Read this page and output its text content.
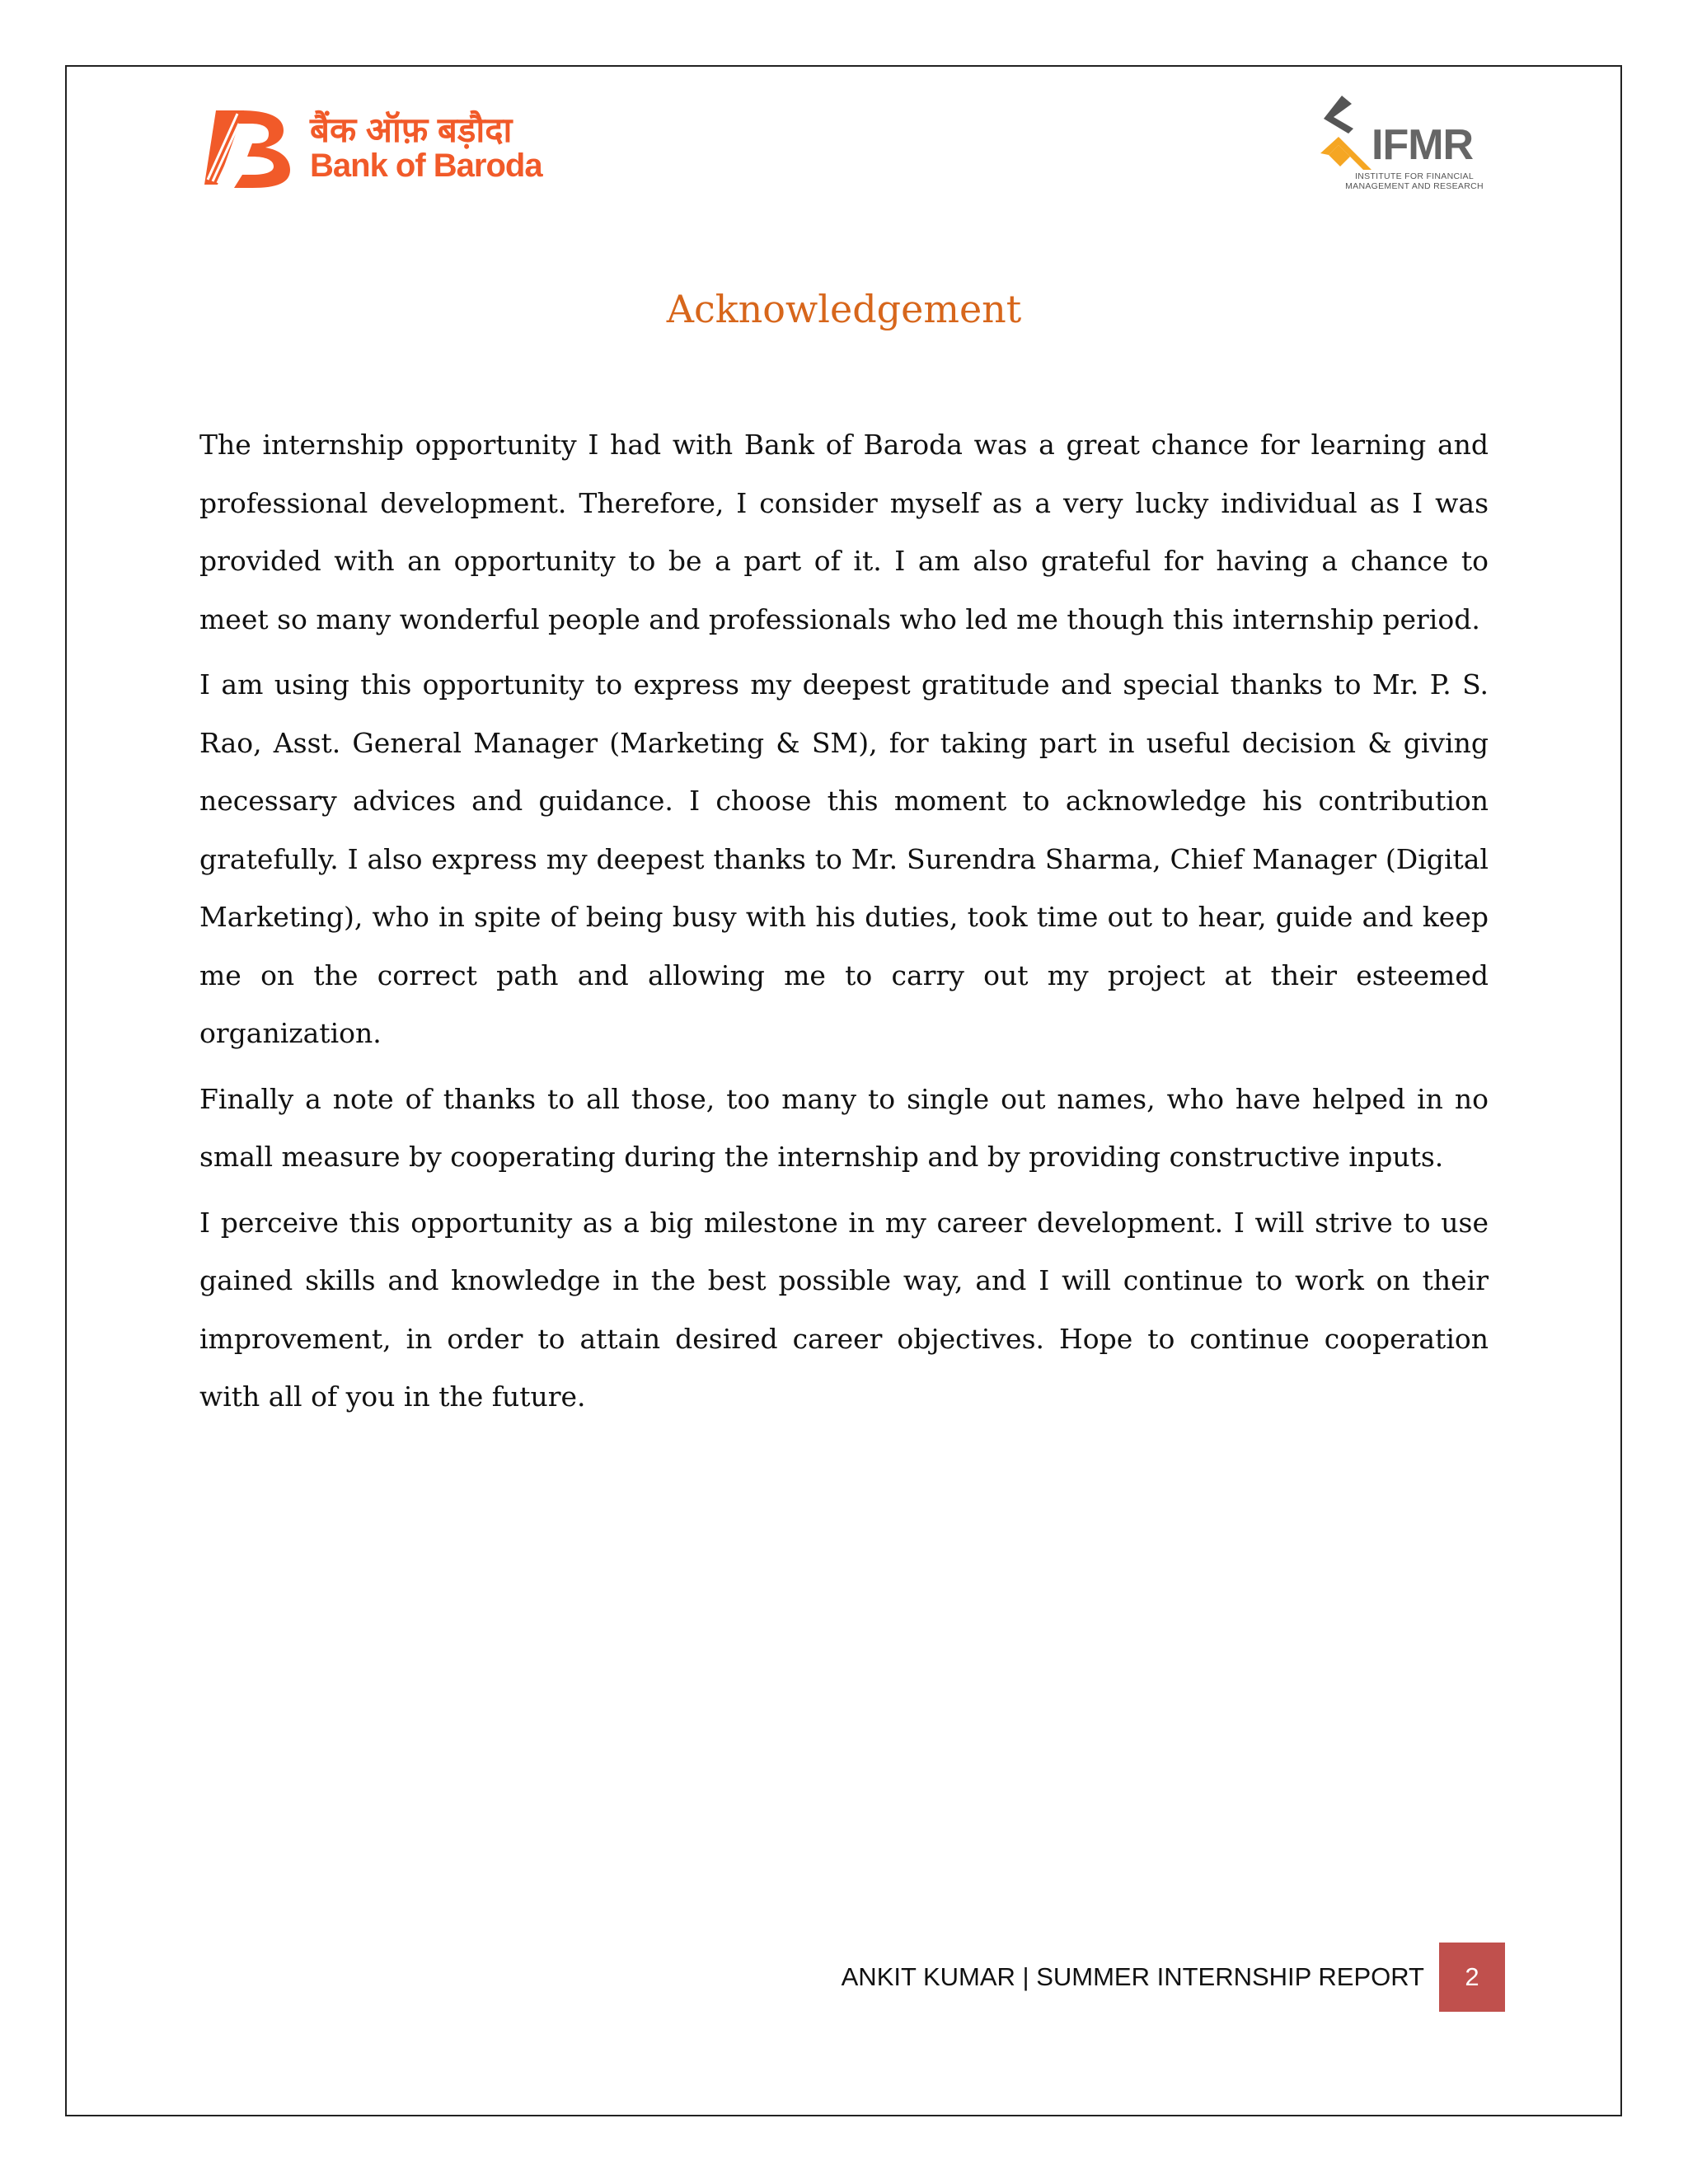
बैंक ऑफ़ बड़ौदा
Bank of Baroda	IFMR
INSTITUTE FOR FINANCIAL MANAGEMENT AND RESEARCH
Acknowledgement

The internship opportunity I had with Bank of Baroda was a great chance for learning and professional development. Therefore, I consider myself as a very lucky individual as I was provided with an opportunity to be a part of it. I am also grateful for having a chance to meet so many wonderful people and professionals who led me though this internship period.

I am using this opportunity to express my deepest gratitude and special thanks to Mr. P. S. Rao, Asst. General Manager (Marketing & SM), for taking part in useful decision & giving necessary advices and guidance. I choose this moment to acknowledge his contribution gratefully. I also express my deepest thanks to Mr. Surendra Sharma, Chief Manager (Digital Marketing), who in spite of being busy with his duties, took time out to hear, guide and keep me on the correct path and allowing me to carry out my project at their esteemed organization.

Finally a note of thanks to all those, too many to single out names, who have helped in no small measure by cooperating during the internship and by providing constructive inputs.

I perceive this opportunity as a big milestone in my career development. I will strive to use gained skills and knowledge in the best possible way, and I will continue to work on their improvement, in order to attain desired career objectives. Hope to continue cooperation with all of you in the future.

ANKIT KUMAR | SUMMER INTERNSHIP REPORT	2
